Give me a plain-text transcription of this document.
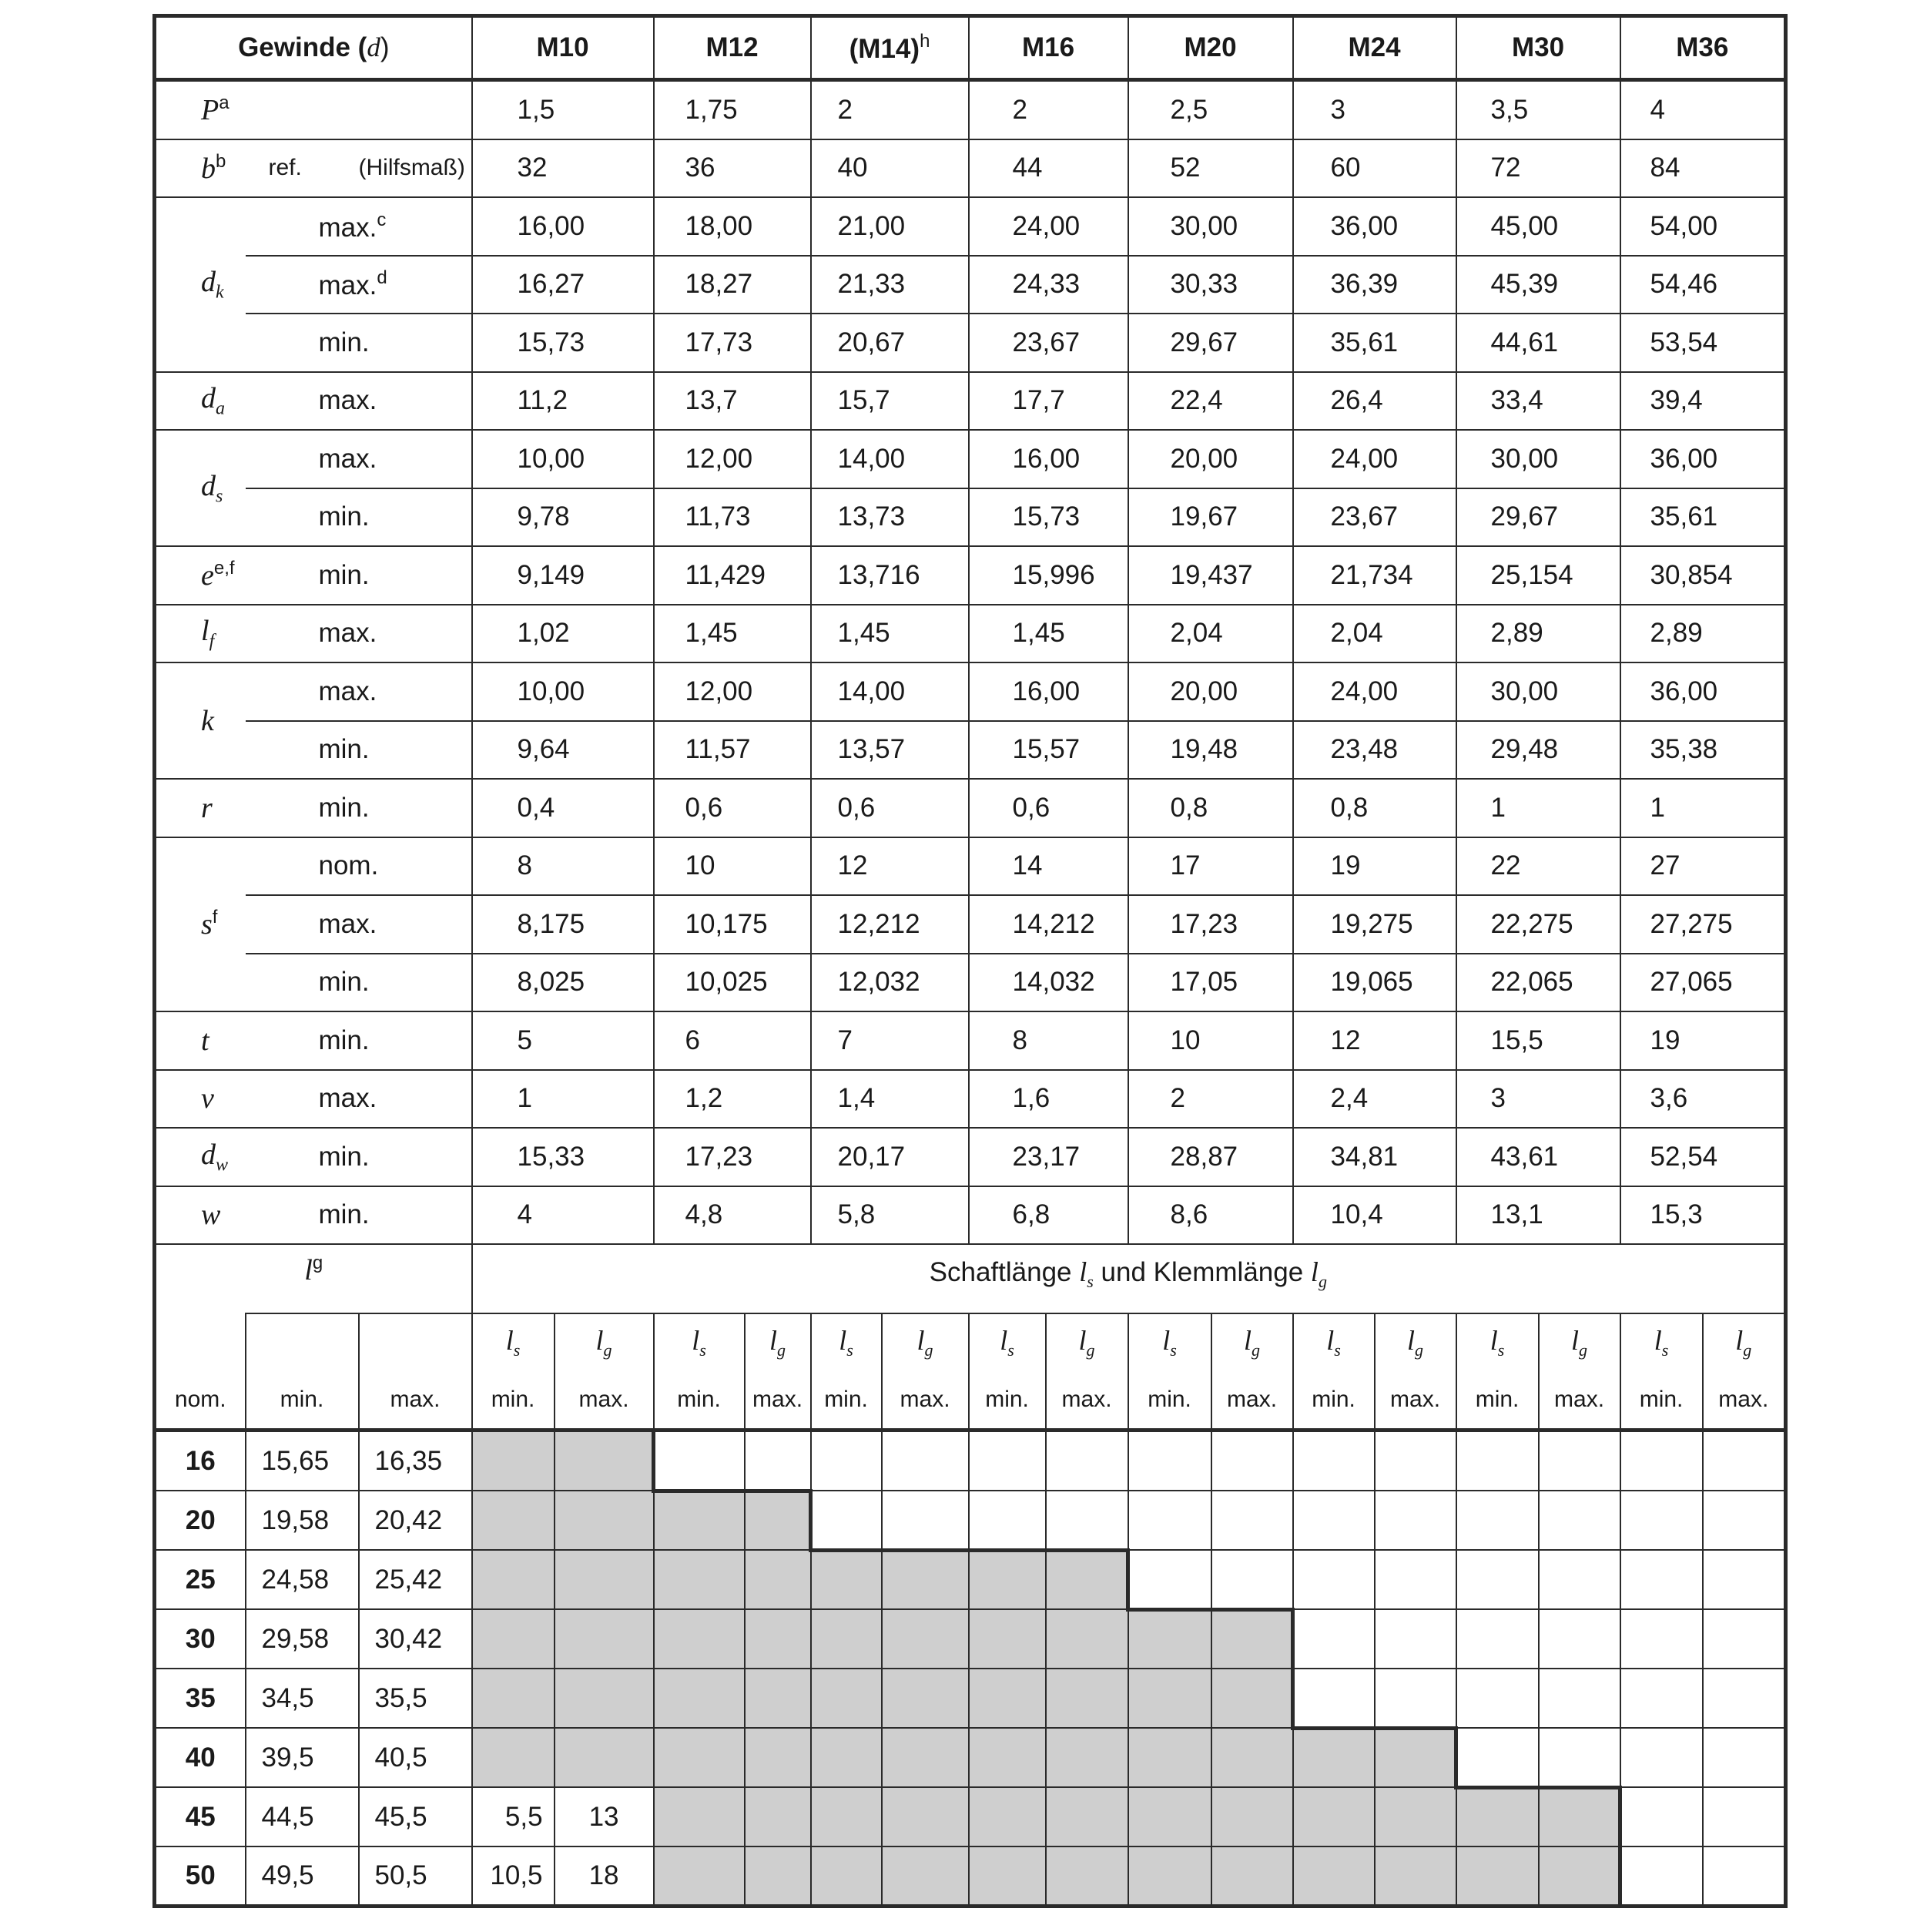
Gewinde (d)			M10		M12		$(M14)^h$		M16		M20		M24		M30		M36	
$P^a$			1,5		1,75		2		2		2,5		3		3,5		4	
$b^b$	ref.	(Hilfsmaß)	32		36		40		44		52		60		72		84	
$d_k$	max.$^c$		16,00		18,00		21,00		24,00		30,00		36,00		45,00		54,00	
	max.$^d$		16,27		18,27		21,33		24,33		30,33		36,39		45,39		54,46	
	min.		15,73		17,73		20,67		23,67		29,67		35,61		44,61		53,54	
$d_a$	max.		11,2		13,7		15,7		17,7		22,4		26,4		33,4		39,4	
$d_s$	max.		10,00		12,00		14,00		16,00		20,00		24,00		30,00		36,00	
	min.		9,78		11,73		13,73		15,73		19,67		23,67		29,67		35,61	
$e^{e,f}$	min.		9,149		11,429		13,716		15,996		19,437		21,734		25,154		30,854	
$l_f$	max.		1,02		1,45		1,45		1,45		2,04		2,04		2,89		2,89	
k	max.		10,00		12,00		14,00		16,00		20,00		24,00		30,00		36,00	
	min.		9,64		11,57		13,57		15,57		19,48		23,48		29,48		35,38	
r	min.		0,4		0,6		0,6		0,6		0,8		0,8		1		1	
$s^f$	nom.		8		10		12		14		17		19		22		27	
	max.		8,175		10,175		12,212		14,212		17,23		19,275		22,275		27,275	
	min.		8,025		10,025		12,032		14,032		17,05		19,065		22,065		27,065	
t	min.		5		6		7		8		10		12		15,5		19	
v	max.		1		1,2		1,4		1,6		2		2,4		3		3,6	
$d_w$	min.		15,33		17,23		20,17		23,17		28,87		34,81		43,61		52,54	
w	min.		4		4,8		5,8		6,8		8,6		10,4		13,1		15,3	
$l^g$			Schaftlänge $l_s$ und Klemmlänge $l_g$
			$l_s$	$l_g$	$l_s$	$l_g$	$l_s$	$l_g$	$l_s$	$l_g$	$l_s$	$l_g$	$l_s$	$l_g$	$l_s$	$l_g$	$l_s$	$l_g$
nom.	min.	max.	min.	max.	min.	max.	min.	max.	min.	max.	min.	max.	min.	max.	min.	max.	min.	max.
16	15,65	16,35																
20	19,58	20,42																
25	24,58	25,42																
30	29,58	30,42																
35	34,5	35,5																
40	39,5	40,5																
45	44,5	45,5	5,5	13														
50	49,5	50,5	10,5	18														
